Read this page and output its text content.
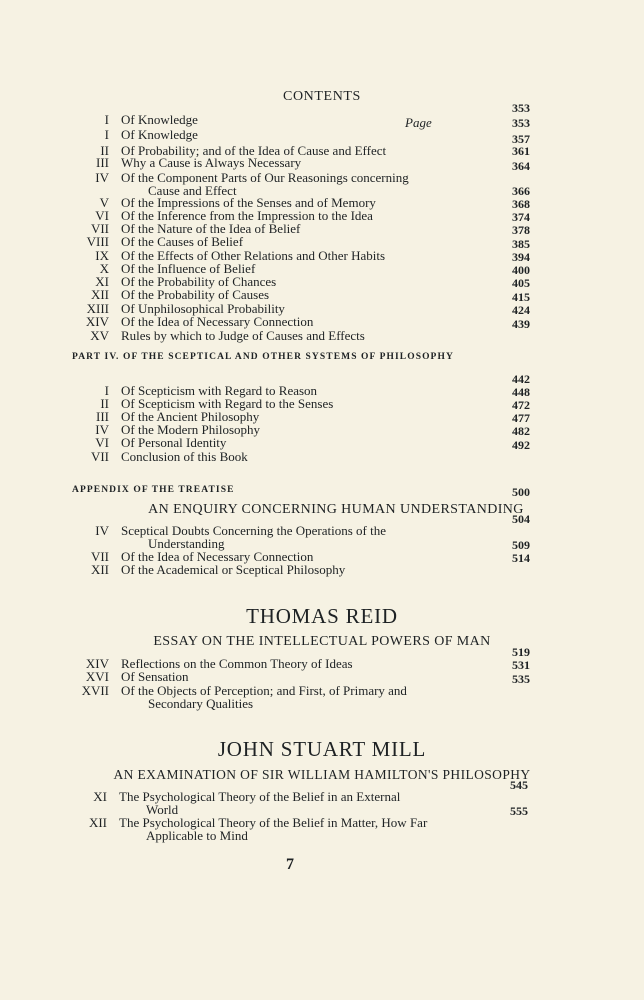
CONTENTS
Page
I Of Knowledge
353
I Of Knowledge
353
II Of Probability; and of the Idea of Cause and Effect
357
III Why a Cause is Always Necessary
361
IV Of the Component Parts of Our Reasonings concerning
Cause and Effect
364
V Of the Impressions of the Senses and of Memory
366
VI Of the Inference from the Impression to the Idea
368
VII Of the Nature of the Idea of Belief
374
VIII Of the Causes of Belief
378
IX Of the Effects of Other Relations and Other Habits
385
X Of the Influence of Belief
394
XI Of the Probability of Chances
400
XII Of the Probability of Causes
405
XIII Of Unphilosophical Probability
415
XIV Of the Idea of Necessary Connection
424
XV Rules by which to Judge of Causes and Effects
439
PART IV. OF THE SCEPTICAL AND OTHER SYSTEMS OF PHILOSOPHY
I Of Scepticism with Regard to Reason
442
II Of Scepticism with Regard to the Senses
448
III Of the Ancient Philosophy
472
IV Of the Modern Philosophy
477
VI Of Personal Identity
482
VII Conclusion of this Book
492
APPENDIX OF THE TREATISE	500
AN ENQUIRY CONCERNING HUMAN UNDERSTANDING
IV Sceptical Doubts Concerning the Operations of the
Understanding
504
VII Of the Idea of Necessary Connection
509
XII Of the Academical or Sceptical Philosophy
514
THOMAS REID
ESSAY ON THE INTELLECTUAL POWERS OF MAN
XIV Reflections on the Common Theory of Ideas
519
XVI Of Sensation
531
XVII Of the Objects of Perception; and First, of Primary and
Secondary Qualities
535
JOHN STUART MILL
AN EXAMINATION OF SIR WILLIAM HAMILTON'S PHILOSOPHY
XI The Psychological Theory of the Belief in an External
World
545
XII The Psychological Theory of the Belief in Matter, How Far
Applicable to Mind
555
7
